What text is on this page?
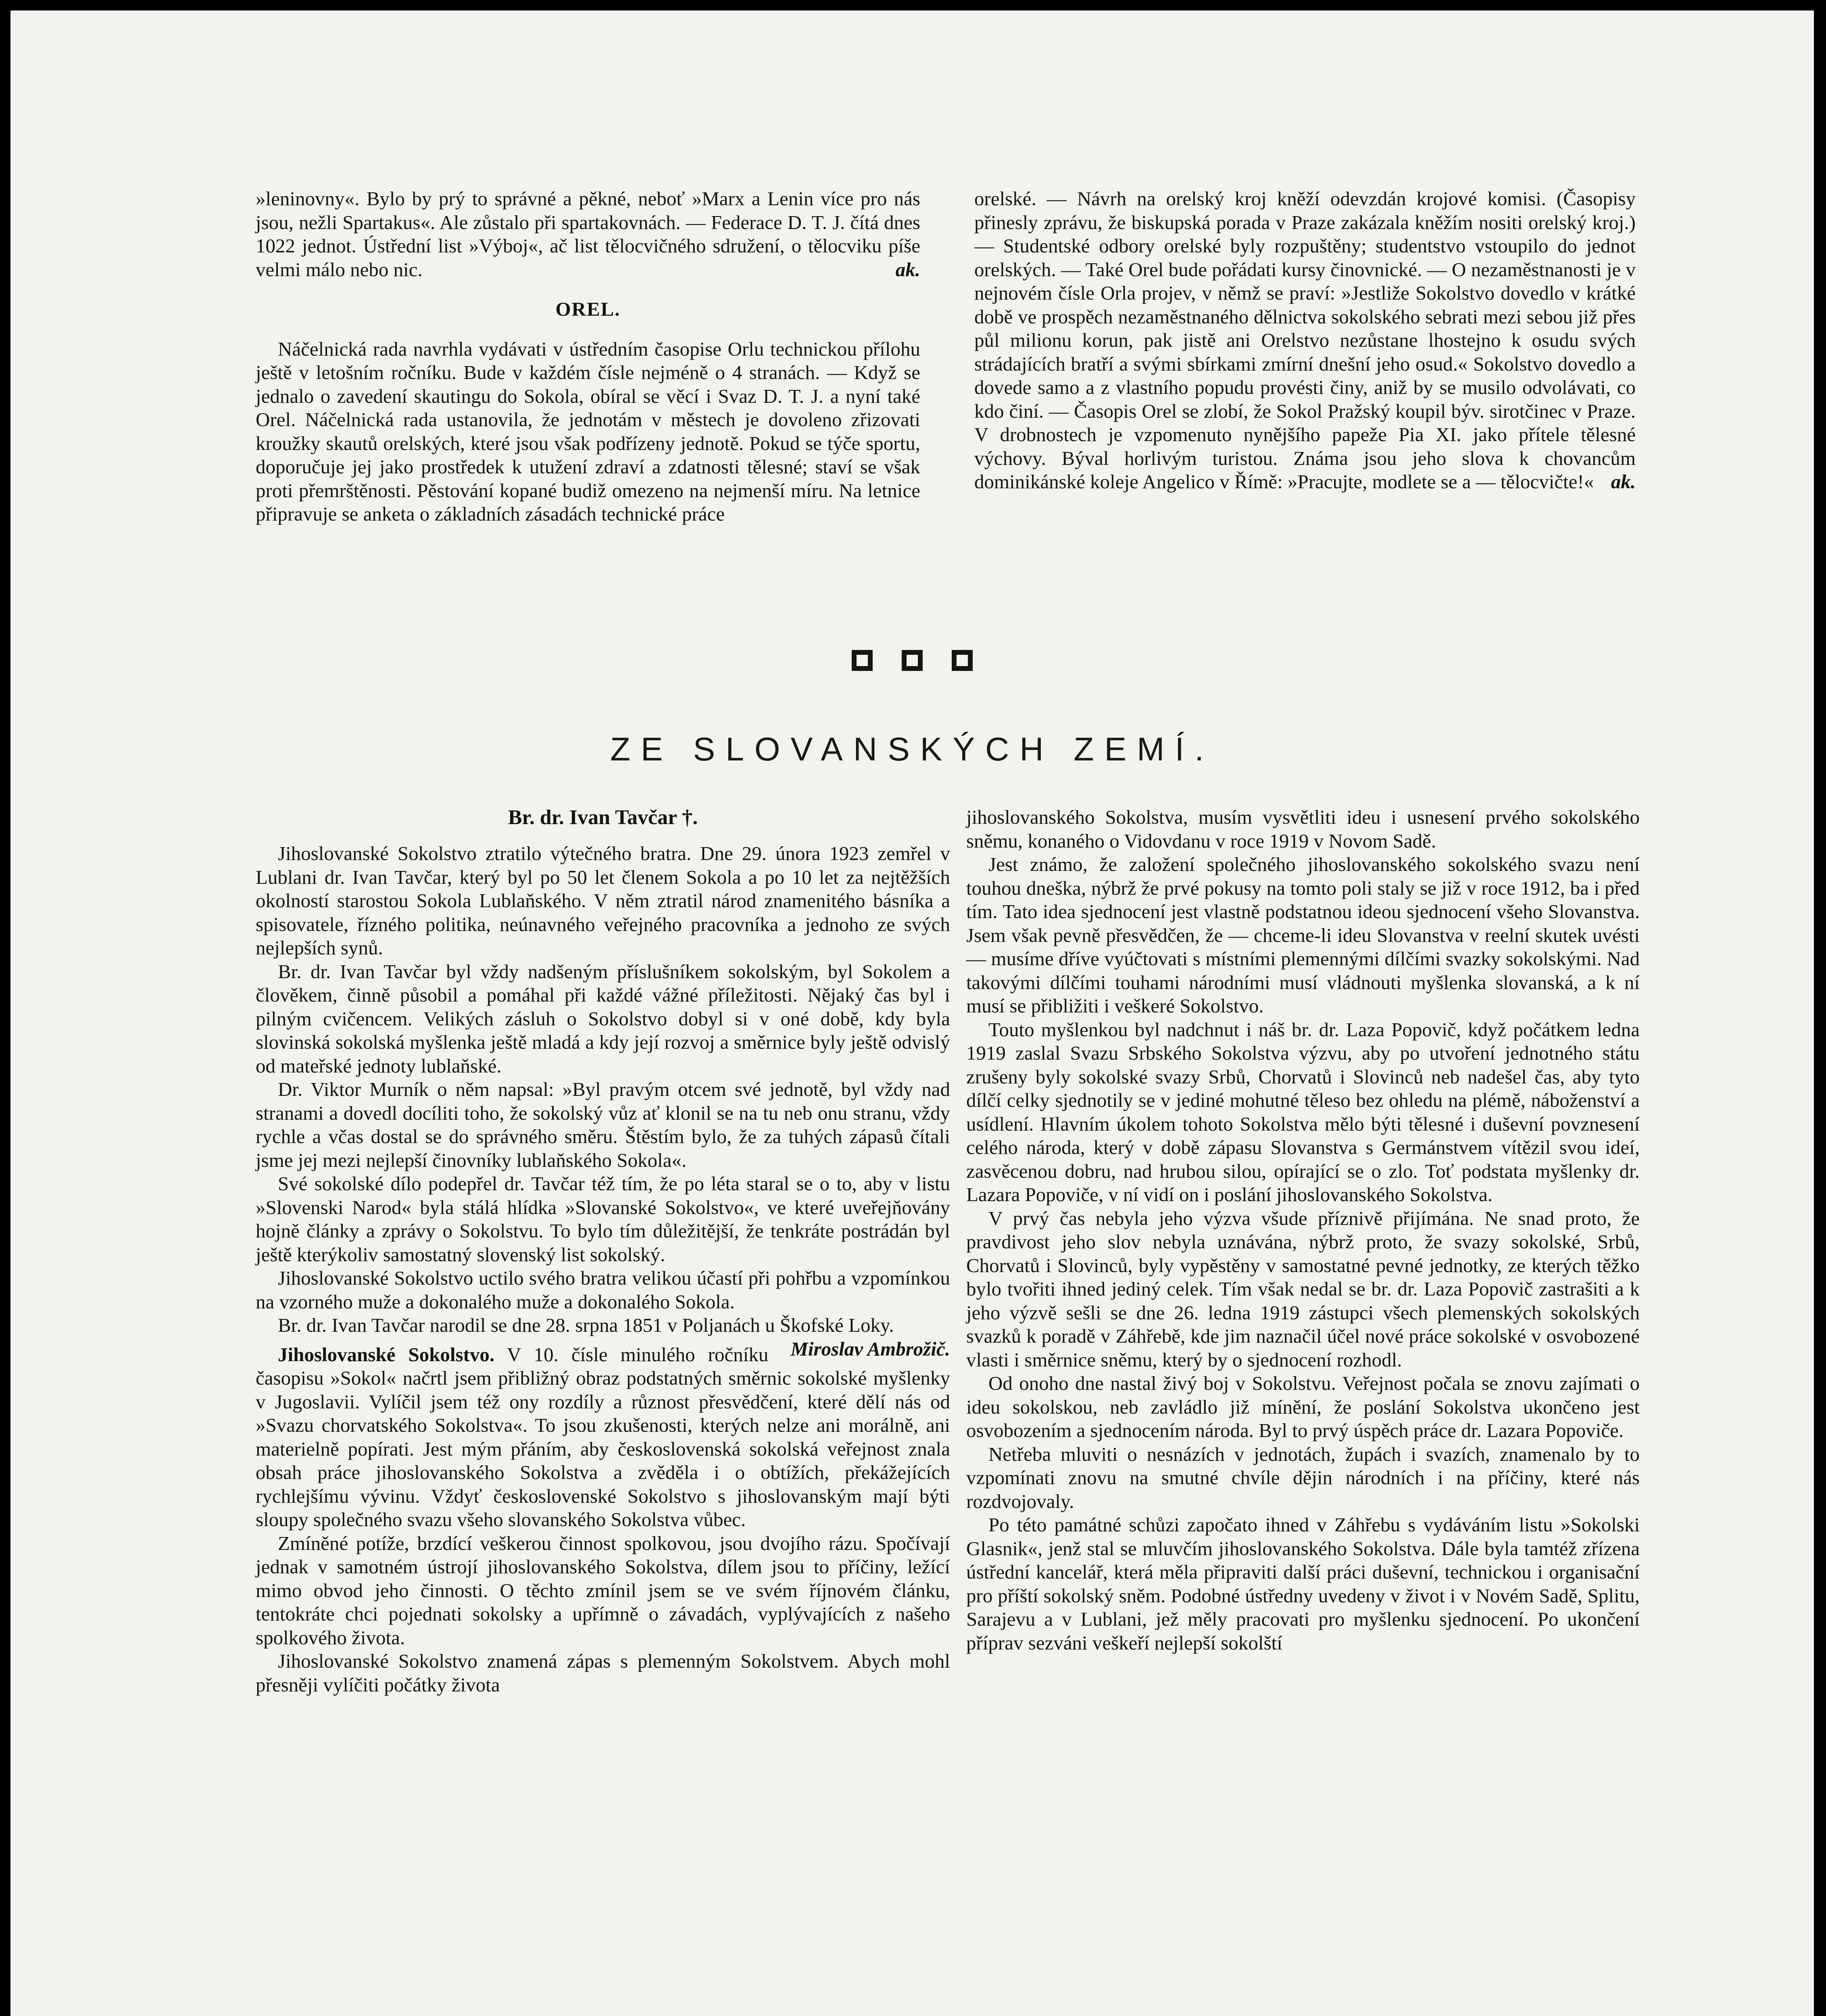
»leninovny«. Bylo by prý to správné a pěkné, neboť »Marx a Lenin více pro nás jsou, nežli Spartakus«. Ale zůstalo při spartakovnách. — Federace D. T. J. čítá dnes 1022 jednot. Ústřední list »Výboj«, ač list tělocvičného sdružení, o tělocviku píše velmi málo nebo nic.	ak.

OREL.

Náčelnická rada navrhla vydávati v ústředním časopise Orlu technickou přílohu ještě v letošním ročníku. Bude v každém čísle nejméně o 4 stranách. — Když se jednalo o zavedení skautingu do Sokola, obíral se věcí i Svaz D. T. J. a nyní také Orel. Náčelnická rada ustanovila, že jednotám v městech je dovoleno zřizovati kroužky skautů orelských, které jsou však podřízeny jednotě. Pokud se týče sportu, doporučuje jej jako prostředek k utužení zdraví a zdatnosti tělesné; staví se však proti přemrštěnosti. Pěstování kopané budiž omezeno na nejmenší míru. Na letnice připravuje se anketa o základních zásadách technické práce

orelské. — Návrh na orelský kroj kněží odevzdán krojové komisi. (Časopisy přinesly zprávu, že biskupská porada v Praze zakázala kněžím nositi orelský kroj.) — Studentské odbory orelské byly rozpuštěny; studentstvo vstoupilo do jednot orelských. — Také Orel bude pořádati kursy činovnické. — O nezaměstnanosti je v nejnovém čísle Orla projev, v němž se praví: »Jestliže Sokolstvo dovedlo v krátké době ve prospěch nezaměstnaného dělnictva sokolského sebrati mezi sebou již přes půl milionu korun, pak jistě ani Orelstvo nezůstane lhostejno k osudu svých strádajících bratří a svými sbírkami zmírní dnešní jeho osud.« Sokolstvo dovedlo a dovede samo a z vlastního popudu provésti činy, aniž by se musilo odvolávati, co kdo činí. — Časopis Orel se zlobí, že Sokol Pražský koupil býv. sirotčinec v Praze. V drobnostech je vzpomenuto nynějšího papeže Pia XI. jako přítele tělesné výchovy. Býval horlivým turistou. Známa jsou jeho slova k chovancům dominikánské koleje Angelico v Římě: »Pracujte, modlete se a — tělocvičte!« ak.

ZE SLOVANSKÝCH ZEMÍ.
Br. dr. Ivan Tavčar †.

Jihoslovanské Sokolstvo ztratilo výtečného bratra. Dne 29. února 1923 zemřel v Lublani dr. Ivan Tavčar, který byl po 50 let členem Sokola a po 10 let za nejtěžších okolností starostou Sokola Lublaňského. V něm ztratil národ znamenitého básníka a spisovatele, řízného politika, neúnavného veřejného pracovníka a jednoho ze svých nejlepších synů.

Br. dr. Ivan Tavčar byl vždy nadšeným příslušníkem sokolským, byl Sokolem a člověkem, činně působil a pomáhal při každé vážné příležitosti. Nějaký čas byl i pilným cvičencem. Velikých zásluh o Sokolstvo dobyl si v oné době, kdy byla slovinská sokolská myšlenka ještě mladá a kdy její rozvoj a směrnice byly ještě odvislý od mateřské jednoty lublaňské.

Dr. Viktor Murník o něm napsal: »Byl pravým otcem své jednotě, byl vždy nad stranami a dovedl docíliti toho, že sokolský vůz ať klonil se na tu neb onu stranu, vždy rychle a včas dostal se do správného směru. Štěstím bylo, že za tuhých zápasů čítali jsme jej mezi nejlepší činovníky lublaňského Sokola«.

Své sokolské dílo podepřel dr. Tavčar též tím, že po léta staral se o to, aby v listu »Slovenski Narod« byla stálá hlídka »Slovanské Sokolstvo«, ve které uveřejňovány hojně články a zprávy o Sokolstvu. To bylo tím důležitější, že tenkráte postrádán byl ještě kterýkoliv samostatný slovenský list sokolský.

Jihoslovanské Sokolstvo uctilo svého bratra velikou účastí při pohřbu a vzpomínkou na vzorného muže a dokonalého muže a dokonalého Sokola.

Br. dr. Ivan Tavčar narodil se dne 28. srpna 1851 v Poljanách u Škofské Loky.
Miroslav Ambrožič.

Jihoslovanské Sokolstvo. V 10. čísle minulého ročníku časopisu »Sokol« načrtl jsem přibližný obraz podstatných směrnic sokolské myšlenky v Jugoslavii. Vylíčil jsem též ony rozdíly a různost přesvědčení, které dělí nás od »Svazu chorvatského Sokolstva«. To jsou zkušenosti, kterých nelze ani morálně, ani materielně popírati. Jest mým přáním, aby československá sokolská veřejnost znala obsah práce jihoslovanského Sokolstva a zvěděla i o obtížích, překážejících rychlejšímu vývinu. Vždyť československé Sokolstvo s jihoslovanským mají býti sloupy společného svazu všeho slovanského Sokolstva vůbec.

Zmíněné potíže, brzdící veškerou činnost spolkovou, jsou dvojího rázu. Spočívají jednak v samotném ústrojí jihoslovanského Sokolstva, dílem jsou to příčiny, ležící mimo obvod jeho činnosti. O těchto zmínil jsem se ve svém říjnovém článku, tentokráte chci pojednati sokolsky a upřímně o závadách, vyplývajících z našeho spolkového života.

Jihoslovanské Sokolstvo znamená zápas s plemenným Sokolstvem. Abych mohl přesněji vylíčiti počátky života

jihoslovanského Sokolstva, musím vysvětliti ideu i usnesení prvého sokolského sněmu, konaného o Vidovdanu v roce 1919 v Novom Sadě.

Jest známo, že založení společného jihoslovanského sokolského svazu není touhou dneška, nýbrž že prvé pokusy na tomto poli staly se již v roce 1912, ba i před tím. Tato idea sjednocení jest vlastně podstatnou ideou sjednocení všeho Slovanstva. Jsem však pevně přesvědčen, že — chceme-li ideu Slovanstva v reelní skutek uvésti — musíme dříve vyúčtovati s místními plemennými dílčími svazky sokolskými. Nad takovými dílčími touhami národními musí vládnouti myšlenka slovanská, a k ní musí se přibližiti i veškeré Sokolstvo.

Touto myšlenkou byl nadchnut i náš br. dr. Laza Popovič, když počátkem ledna 1919 zaslal Svazu Srbského Sokolstva výzvu, aby po utvoření jednotného státu zrušeny byly sokolské svazy Srbů, Chorvatů i Slovinců neb nadešel čas, aby tyto dílčí celky sjednotily se v jediné mohutné těleso bez ohledu na plémě, náboženství a usídlení. Hlavním úkolem tohoto Sokolstva mělo býti tělesné i duševní povznesení celého národa, který v době zápasu Slovanstva s Germánstvem vítězil svou ideí, zasvěcenou dobru, nad hrubou silou, opírající se o zlo. Toť podstata myšlenky dr. Lazara Popoviče, v ní vidí on i poslání jihoslovanského Sokolstva.

V prvý čas nebyla jeho výzva všude příznivě přijímána. Ne snad proto, že pravdivost jeho slov nebyla uznávána, nýbrž proto, že svazy sokolské, Srbů, Chorvatů i Slovinců, byly vypěstěny v samostatné pevné jednotky, ze kterých těžko bylo tvořiti ihned jediný celek. Tím však nedal se br. dr. Laza Popovič zastrašiti a k jeho výzvě sešli se dne 26. ledna 1919 zástupci všech plemenských sokolských svazků k poradě v Záhřebě, kde jim naznačil účel nové práce sokolské v osvobozené vlasti i směrnice sněmu, který by o sjednocení rozhodl.

Od onoho dne nastal živý boj v Sokolstvu. Veřejnost počala se znovu zajímati o ideu sokolskou, neb zavládlo již mínění, že poslání Sokolstva ukončeno jest osvobozením a sjednocením národa. Byl to prvý úspěch práce dr. Lazara Popoviče.

Netřeba mluviti o nesnázích v jednotách, župách i svazích, znamenalo by to vzpomínati znovu na smutné chvíle dějin národních i na příčiny, které nás rozdvojovaly.

Po této památné schůzi započato ihned v Záhřebu s vydáváním listu »Sokolski Glasnik«, jenž stal se mluvčím jihoslovanského Sokolstva. Dále byla tamtéž zřízena ústřední kancelář, která měla připraviti další práci duševní, technickou i organisační pro příští sokolský sněm. Podobné ústředny uvedeny v život i v Novém Sadě, Splitu, Sarajevu a v Lublani, jež měly pracovati pro myšlenku sjednocení. Po ukončení příprav sezváni veškeří nejlepší sokolští
